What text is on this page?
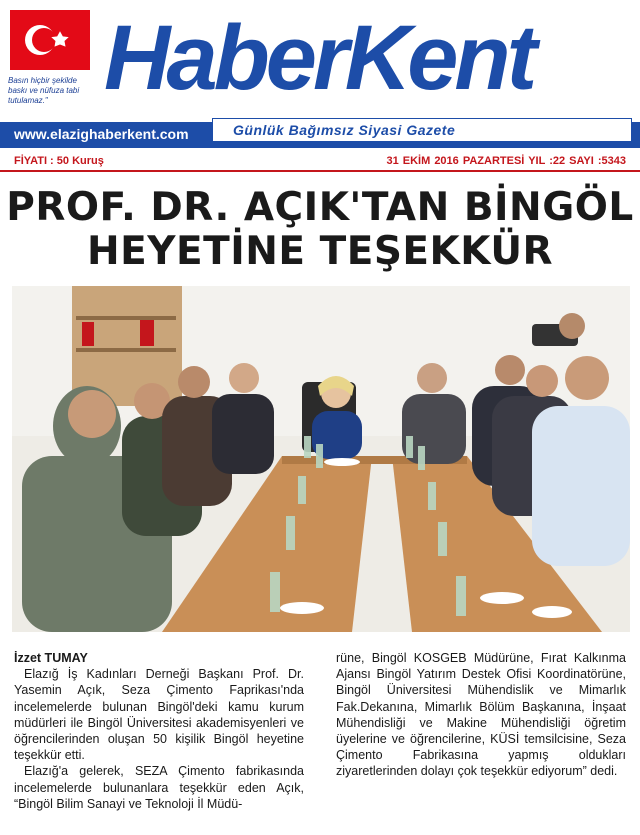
Basın hiçbir şekilde baskı ve nüfuza tabi tutulamaz." HaberKent
www.elazighaberkent.com	Günlük Bağımsız Siyasi Gazete
FİYATI : 50 Kuruş	31 EKİM 2016 PAZARTESİ YIL :22 SAYI :5343
PROF. DR. AÇIK'TAN BİNGÖL
HEYETİNE TEŞEKKÜR
İzzet TUMAY
Elazığ İş Kadınları Derneği Başkanı Prof. Dr. Yasemin Açık, Seza Çimento Faprikası'nda incelemelerde bulunan Bingöl'deki kamu kurum müdürleri ile Bingöl Üniversitesi akademisyenleri ve öğrencilerinden oluşan 50 kişilik Bingöl heyetine teşekkür etti.
Elazığ'a gelerek, SEZA Çimento fabrikasında incelemelerde bulunanlara teşekkür eden Açık, “Bingöl Bilim Sanayi ve Teknoloji İl Müdü-
rüne, Bingöl KOSGEB Müdürüne, Fırat Kalkınma Ajansı Bingöl Yatırım Destek Ofisi Koordinatörüne, Bingöl Üniversitesi Mühendislik ve Mimarlık Fak.Dekanına, Mimarlık Bölüm Başkanına, İnşaat Mühendisliği ve Makine Mühendisliği öğretim üyelerine ve öğrencilerine, KÜSİ temsilcisine, Seza Çimento Fabrikasına yapmış oldukları ziyaretlerinden dolayı çok teşekkür ediyorum” dedi.
